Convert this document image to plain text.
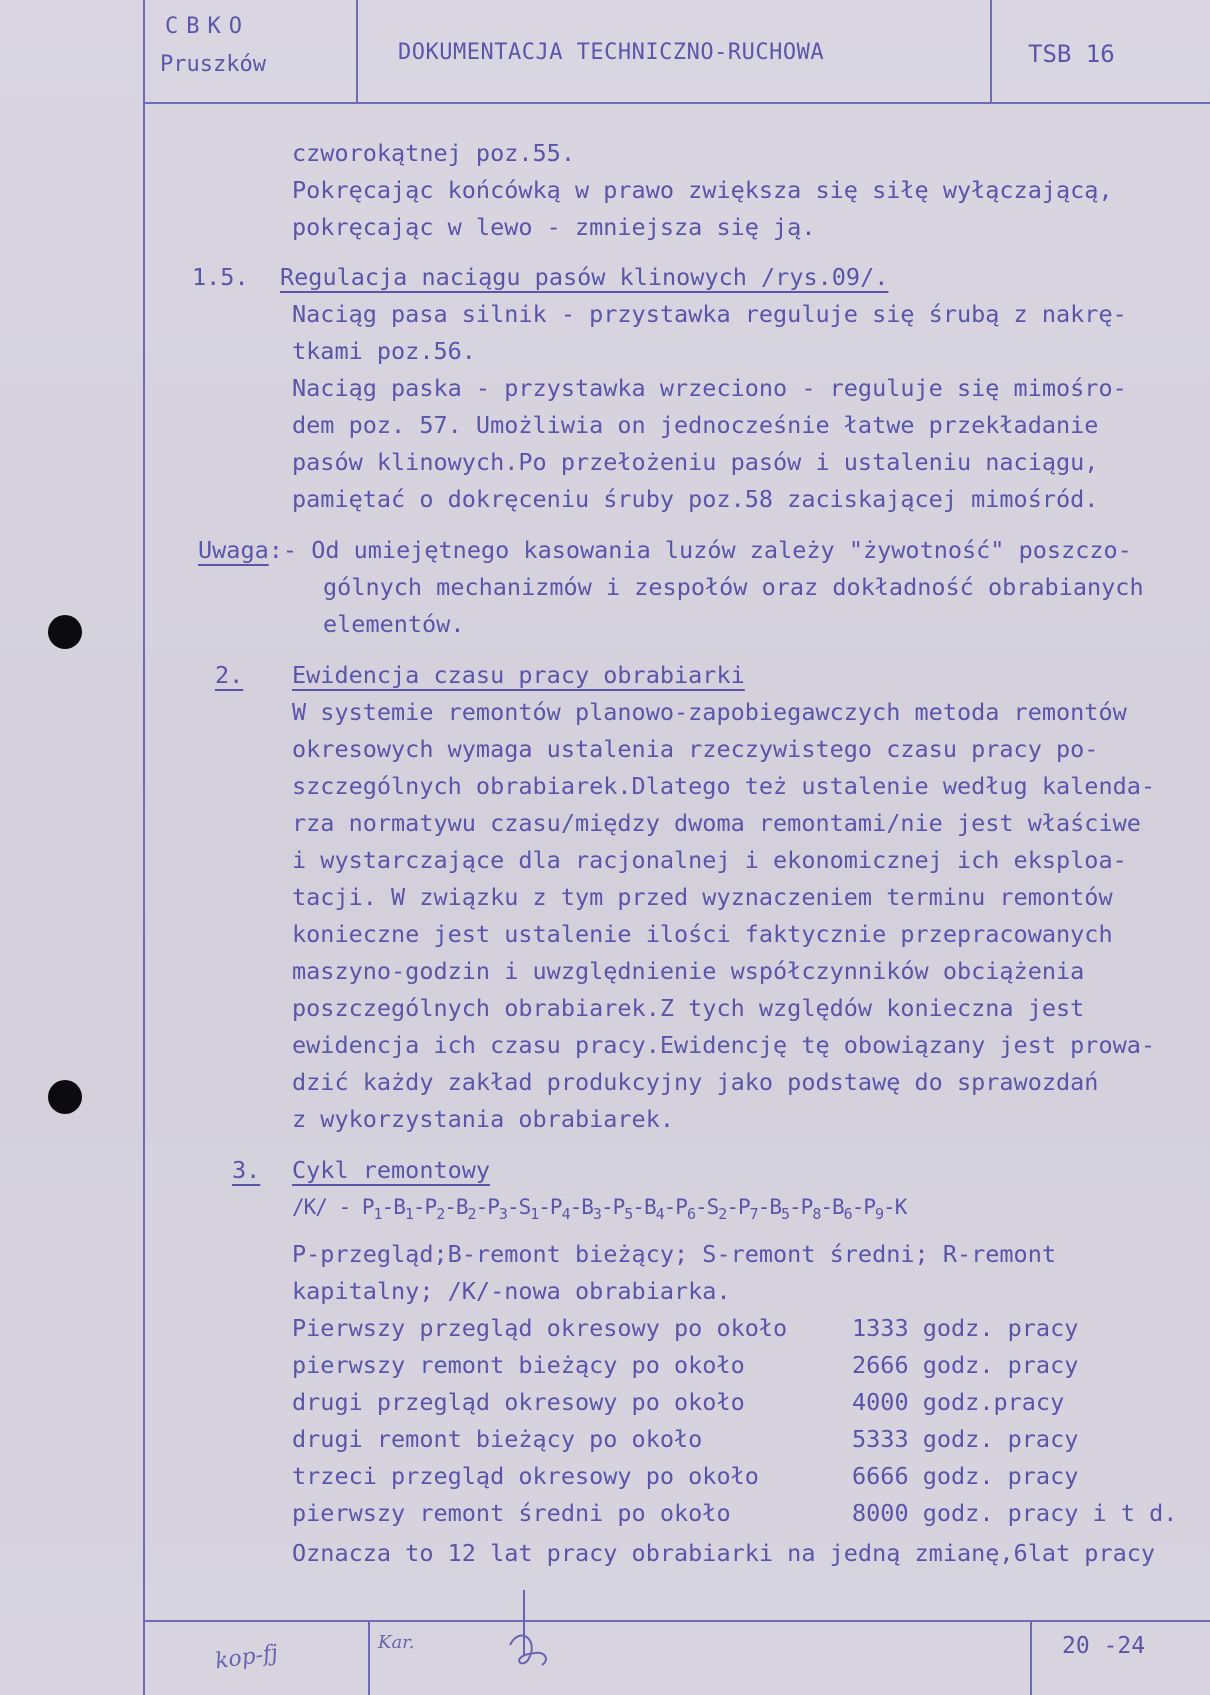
CBKO
Pruszków	DOKUMENTACJA TECHNICZNO-RUCHOWA	TSB 16
czworokątnej poz.55.
Pokręcając końcówką w prawo zwiększa się siłę wyłączającą,
pokręcając w lewo - zmniejsza się ją.
1.5. Regulacja naciągu pasów klinowych /rys.09/.
Naciąg pasa silnik - przystawka reguluje się śrubą z nakrę-
tkami poz.56.
Naciąg paska - przystawka wrzeciono - reguluje się mimośro-
dem poz. 57. Umożliwia on jednocześnie łatwe przekładanie
pasów klinowych.Po przełożeniu pasów i ustaleniu naciągu,
pamiętać o dokręceniu śruby poz.58 zaciskającej mimośród.
Uwaga:- Od umiejętnego kasowania luzów zależy "żywotność" poszczo-
gólnych mechanizmów i zespołów oraz dokładność obrabianych
elementów.
2. Ewidencja czasu pracy obrabiarki
W systemie remontów planowo-zapobiegawczych metoda remontów
okresowych wymaga ustalenia rzeczywistego czasu pracy po-
szczególnych obrabiarek.Dlatego też ustalenie według kalenda-
rza normatywu czasu/między dwoma remontami/nie jest właściwe
i wystarczające dla racjonalnej i ekonomicznej ich eksploa-
tacji. W związku z tym przed wyznaczeniem terminu remontów
konieczne jest ustalenie ilości faktycznie przepracowanych
maszyno-godzin i uwzględnienie współczynników obciążenia
poszczególnych obrabiarek.Z tych względów konieczna jest
ewidencja ich czasu pracy.Ewidencję tę obowiązany jest prowa-
dzić każdy zakład produkcyjny jako podstawę do sprawozdań
z wykorzystania obrabiarek.
3. Cykl remontowy
$/K/ - P_1-B_1-P_2-B_2-P_3-S_1-P_4-B_3-P_5-B_4-P_6-S_2-P_7-B_5-P_8-B_6-P_9-K$
P-przegląd;B-remont bieżący; S-remont średni; R-remont
kapitalny; /K/-nowa obrabiarka.
Pierwszy przegląd okresowy po około	1333 godz. pracy
pierwszy remont bieżący po około	2666 godz. pracy
drugi przegląd okresowy po około	4000 godz.pracy
drugi remont bieżący po około	5333 godz. pracy
trzeci przegląd okresowy po około	6666 godz. pracy
pierwszy remont średni po około	8000 godz. pracy i t d.
Oznacza to 12 lat pracy obrabiarki na jedną zmianę,6lat pracy
kop-fj	Kar.	20 -24
